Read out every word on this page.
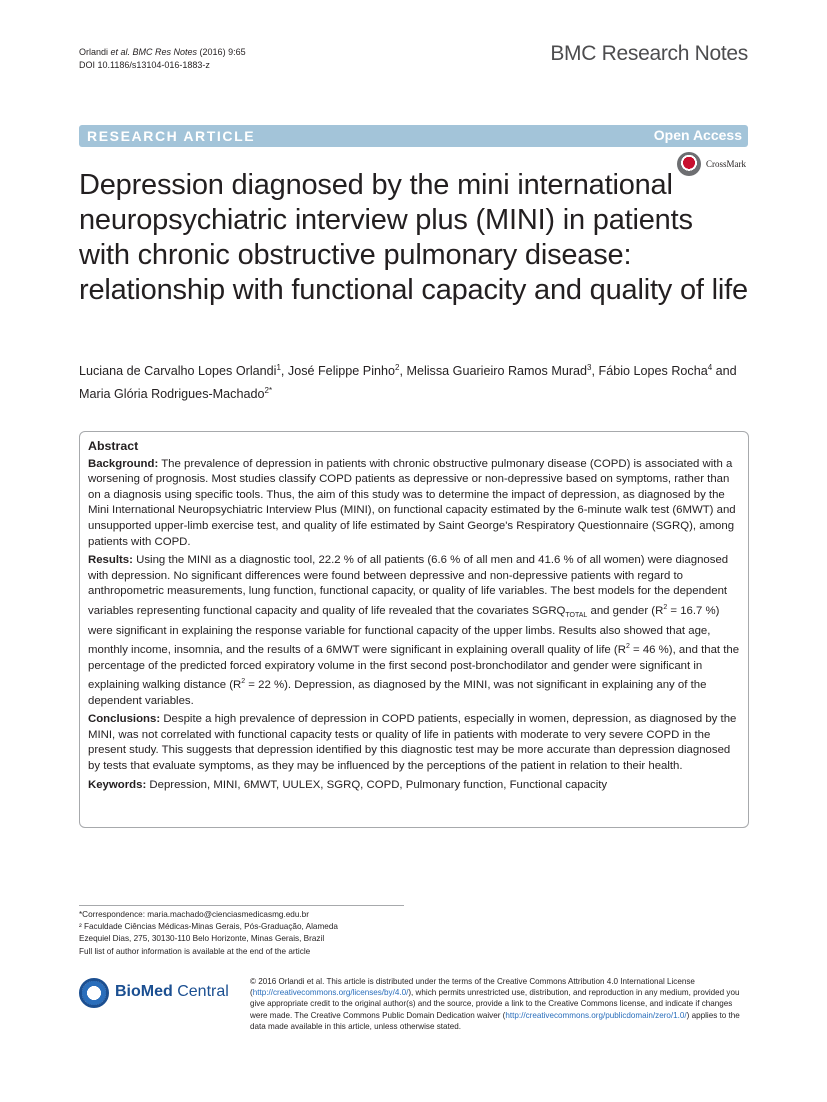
Orlandi et al. BMC Res Notes (2016) 9:65
DOI 10.1186/s13104-016-1883-z	BMC Research Notes
RESEARCH ARTICLE	Open Access
CrossMark
Depression diagnosed by the mini international neuropsychiatric interview plus (MINI) in patients with chronic obstructive pulmonary disease: relationship with functional capacity and quality of life
Luciana de Carvalho Lopes Orlandi$^1$, José Felippe Pinho$^2$, Melissa Guarieiro Ramos Murad$^3$, Fábio Lopes Rocha$^4$ and Maria Glória Rodrigues-Machado$^{2*}$
Abstract

Background: The prevalence of depression in patients with chronic obstructive pulmonary disease (COPD) is associated with a worsening of prognosis. Most studies classify COPD patients as depressive or non-depressive based on symptoms, rather than on a diagnosis using specific tools. Thus, the aim of this study was to determine the impact of depression, as diagnosed by the Mini International Neuropsychiatric Interview Plus (MINI), on functional capacity estimated by the 6-minute walk test (6MWT) and unsupported upper-limb exercise test, and quality of life estimated by Saint George's Respiratory Questionnaire (SGRQ), among patients with COPD.

Results: Using the MINI as a diagnostic tool, 22.2 % of all patients (6.6 % of all men and 41.6 % of all women) were diagnosed with depression. No significant differences were found between depressive and non-depressive patients with regard to anthropometric measurements, lung function, functional capacity, or quality of life variables. The best models for the dependent variables representing functional capacity and quality of life revealed that the covariates $SGRQ_{TOTAL}$ and gender ($R^2 = 16.7$ %) were significant in explaining the response variable for functional capacity of the upper limbs. Results also showed that age, monthly income, insomnia, and the results of a 6MWT were significant in explaining overall quality of life ($R^2 = 46$ %), and that the percentage of the predicted forced expiratory volume in the first second post-bronchodilator and gender were significant in explaining walking distance ($R^2 = 22$ %). Depression, as diagnosed by the MINI, was not significant in explaining any of the dependent variables.

Conclusions: Despite a high prevalence of depression in COPD patients, especially in women, depression, as diagnosed by the MINI, was not correlated with functional capacity tests or quality of life in patients with moderate to very severe COPD in the present study. This suggests that depression identified by this diagnostic test may be more accurate than depression diagnosed by tests that evaluate symptoms, as they may be influenced by the perceptions of the patient in relation to their health.

Keywords: Depression, MINI, 6MWT, UULEX, SGRQ, COPD, Pulmonary function, Functional capacity

*Correspondence: maria.machado@cienciasmedicasmg.edu.br
² Faculdade Ciências Médicas-Minas Gerais, Pós-Graduação, Alameda
Ezequiel Dias, 275, 30130-110 Belo Horizonte, Minas Gerais, Brazil
Full list of author information is available at the end of the article
BioMed Central
© 2016 Orlandi et al. This article is distributed under the terms of the Creative Commons Attribution 4.0 International License (http://creativecommons.org/licenses/by/4.0/), which permits unrestricted use, distribution, and reproduction in any medium, provided you give appropriate credit to the original author(s) and the source, provide a link to the Creative Commons license, and indicate if changes were made. The Creative Commons Public Domain Dedication waiver (http://creativecommons.org/publicdomain/zero/1.0/) applies to the data made available in this article, unless otherwise stated.
